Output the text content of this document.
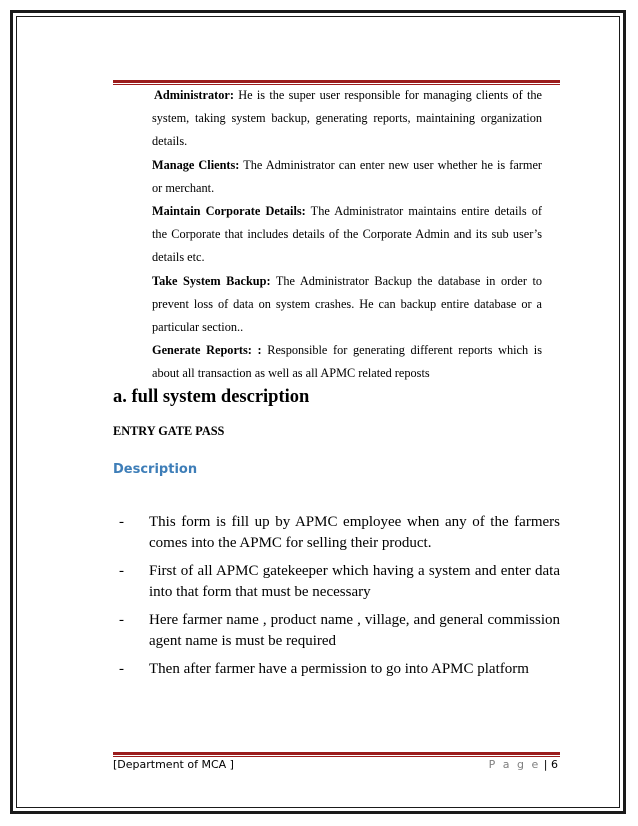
Administrator: He is the super user responsible for managing clients of the system, taking system backup, generating reports, maintaining organization details.

Manage Clients: The Administrator can enter new user whether he is farmer or merchant.

Maintain Corporate Details: The Administrator maintains entire details of the Corporate that includes details of the Corporate Admin and its sub user’s details etc.

Take System Backup: The Administrator Backup the database in order to prevent loss of data on system crashes. He can backup entire database or a particular section..

Generate Reports: : Responsible for generating different reports which is about all transaction as well as all APMC related reposts

a. full system description
ENTRY GATE PASS
Description
-	This form is fill up by APMC employee when any of the farmers comes into the APMC for selling their product.
-	First of all APMC gatekeeper which having a system and enter data into that form that must be necessary
-	Here farmer name , product name , village, and general commission agent name is must be required
-	Then after farmer have a permission to go into APMC platform
[Department of MCA ]	P a g e | 6
